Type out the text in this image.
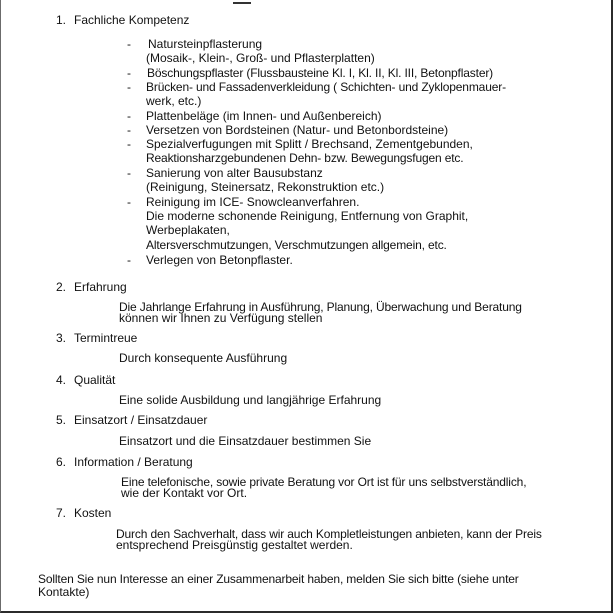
1. Fachliche Kompetenz
- Natursteinpflasterung
(Mosaik-, Klein-, Groß- und Pflasterplatten)
- Böschungspflaster (Flussbausteine Kl. I, Kl. II, Kl. III, Betonpflaster)
- Brücken- und Fassadenverkleidung ( Schichten- und Zyklopenmauer-
werk, etc.)
- Plattenbeläge (im Innen- und Außenbereich)
- Versetzen von Bordsteinen (Natur- und Betonbordsteine)
- Spezialverfugungen mit Splitt / Brechsand, Zementgebunden,
Reaktionsharzgebundenen Dehn- bzw. Bewegungsfugen etc.
- Sanierung von alter Bausubstanz
(Reinigung, Steinersatz, Rekonstruktion etc.)
- Reinigung im ICE- Snowcleanverfahren.
Die moderne schonende Reinigung, Entfernung von Graphit,
Werbeplakaten,
Altersverschmutzungen, Verschmutzungen allgemein, etc.
- Verlegen von Betonpflaster.
2. Erfahrung
Die Jahrlange Erfahrung in Ausführung, Planung, Überwachung und Beratung
können wir Ihnen zu Verfügung stellen
3. Termintreue
Durch konsequente Ausführung
4. Qualität
Eine solide Ausbildung und langjährige Erfahrung
5. Einsatzort / Einsatzdauer
Einsatzort und die Einsatzdauer bestimmen Sie
6. Information / Beratung
Eine telefonische, sowie private Beratung vor Ort ist für uns selbstverständlich,
wie der Kontakt vor Ort.
7. Kosten
Durch den Sachverhalt, dass wir auch Kompletleistungen anbieten, kann der Preis
entsprechend Preisgünstig gestaltet werden.
Sollten Sie nun Interesse an einer Zusammenarbeit haben, melden Sie sich bitte (siehe unter
Kontakte)
